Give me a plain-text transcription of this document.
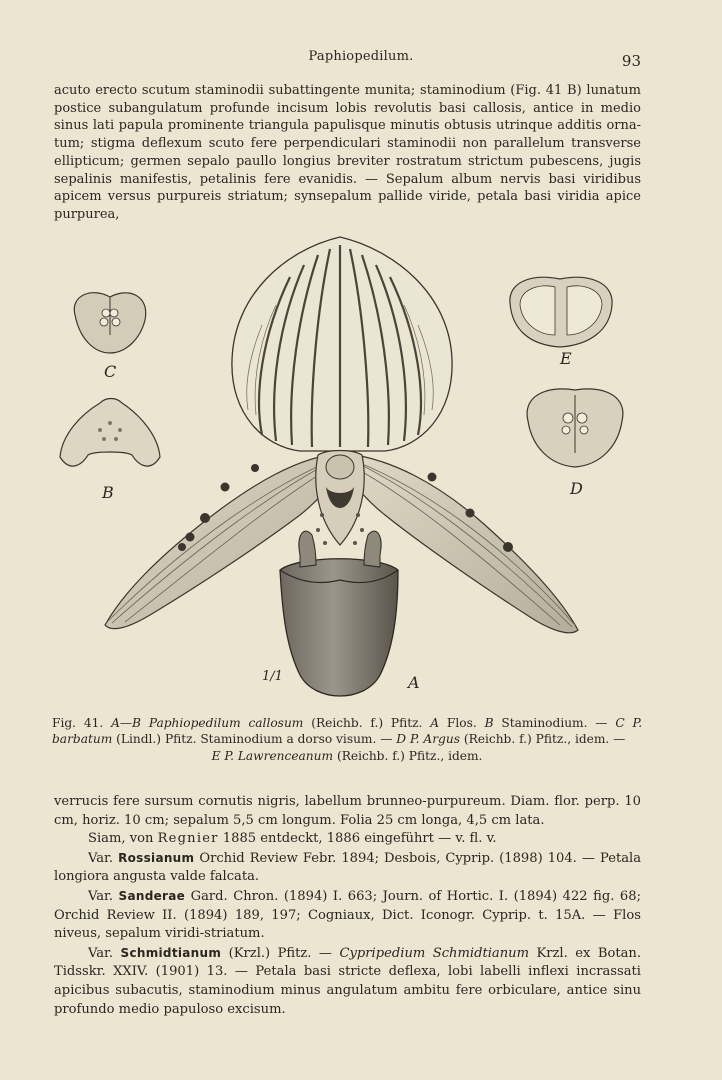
Paphiopedilum.	93

acuto erecto scutum staminodii subattingente munita; staminodium (Fig. 41 B) lunatum postice subangulatum profunde incisum lobis revolutis basi callosis, antice in medio sinus lati papula prominente triangula papulisque minutis obtusis utrinque additis orna- tum; stigma deflexum scuto fere perpendiculari staminodii non parallelum transverse ellipticum; germen sepalo paullo longius breviter rostratum strictum pubescens, jugis sepalinis manifestis, petalinis fere evanidis. — Sepalum album nervis basi viridibus apicem versus purpureis striatum; synsepalum pallide viride, petala basi viridia apice purpurea,

C
B
E
D
A
1/1
Fig. 41. A—B Paphiopedilum callosum (Reichb. f.) Pfitz. A Flos. B Staminodium. — C P. barbatum (Lindl.) Pfitz. Staminodium a dorso visum. — D P. Argus (Reichb. f.) Pfitz., idem. —
E P. Lawrenceanum (Reichb. f.) Pfitz., idem.

verrucis fere sursum cornutis nigris, labellum brunneo-purpureum. Diam. flor. perp. 10 cm, horiz. 10 cm; sepalum 5,5 cm longum. Folia 25 cm longa, 4,5 cm lata.

Siam, von Regnier 1885 entdeckt, 1886 eingeführt — v. fl. v.

Var. Rossianum Orchid Review Febr. 1894; Desbois, Cyprip. (1898) 104. — Petala longiora angusta valde falcata.

Var. Sanderae Gard. Chron. (1894) I. 663; Journ. of Hortic. I. (1894) 422 fig. 68; Orchid Review II. (1894) 189, 197; Cogniaux, Dict. Iconogr. Cyprip. t. 15A. — Flos niveus, sepalum viridi-striatum.

Var. Schmidtianum (Krzl.) Pfitz. — Cypripedium Schmidtianum Krzl. ex Botan. Tidsskr. XXIV. (1901) 13. — Petala basi stricte deflexa, lobi labelli inflexi incrassati apicibus subacutis, staminodium minus angulatum ambitu fere orbiculare, antice sinu profundo medio papuloso excisum.
